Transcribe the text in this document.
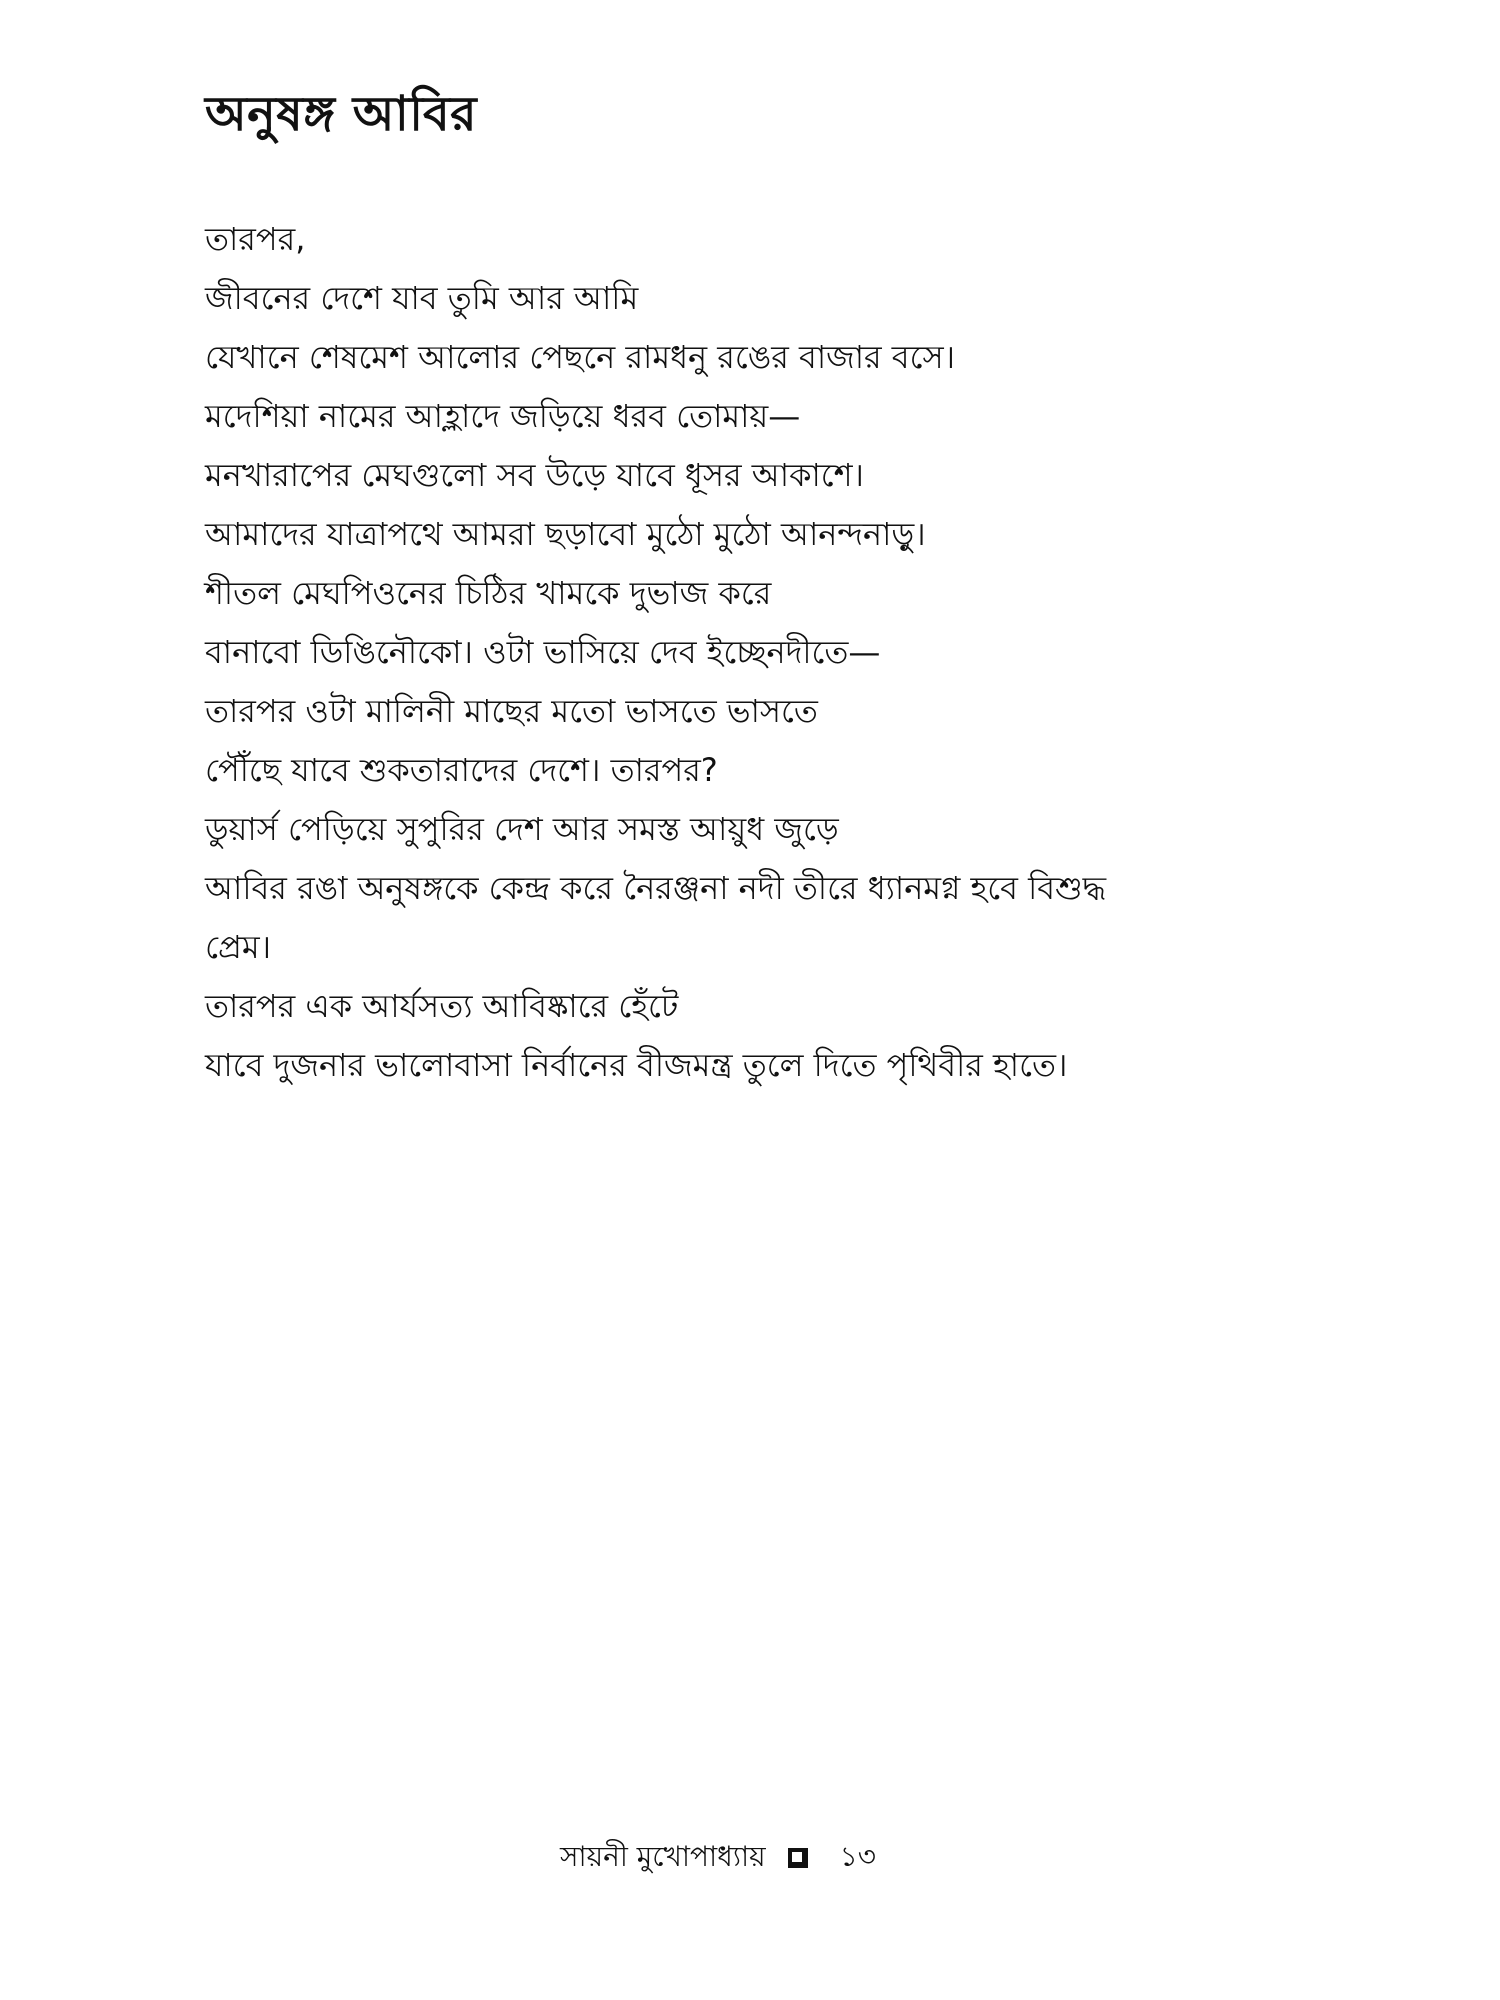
অনুষঙ্গ আবির
তারপর,
জীবনের দেশে যাব তুমি আর আমি
যেখানে শেষমেশ আলোর পেছনে রামধনু রঙের বাজার বসে।
মদেশিয়া নামের আহ্লাদে জড়িয়ে ধরব তোমায়—
মনখারাপের মেঘগুলো সব উড়ে যাবে ধূসর আকাশে।
আমাদের যাত্রাপথে আমরা ছড়াবো মুঠো মুঠো আনন্দনাড়ু।
শীতল মেঘপিওনের চিঠির খামকে দুভাজ করে
বানাবো ডিঙিনৌকো। ওটা ভাসিয়ে দেব ইচ্ছেনদীতে—
তারপর ওটা মালিনী মাছের মতো ভাসতে ভাসতে
পৌঁছে যাবে শুকতারাদের দেশে। তারপর?
ডুয়ার্স পেড়িয়ে সুপুরির দেশ আর সমস্ত আয়ুধ জুড়ে
আবির রঙা অনুষঙ্গকে কেন্দ্র করে নৈরঞ্জনা নদী তীরে ধ্যানমগ্ন হবে বিশুদ্ধ
প্রেম।
তারপর এক আর্যসত্য আবিষ্কারে হেঁটে
যাবে দুজনার ভালোবাসা নির্বানের বীজমন্ত্র তুলে দিতে পৃথিবীর হাতে।
সায়নী মুখোপাধ্যায়	১৩
